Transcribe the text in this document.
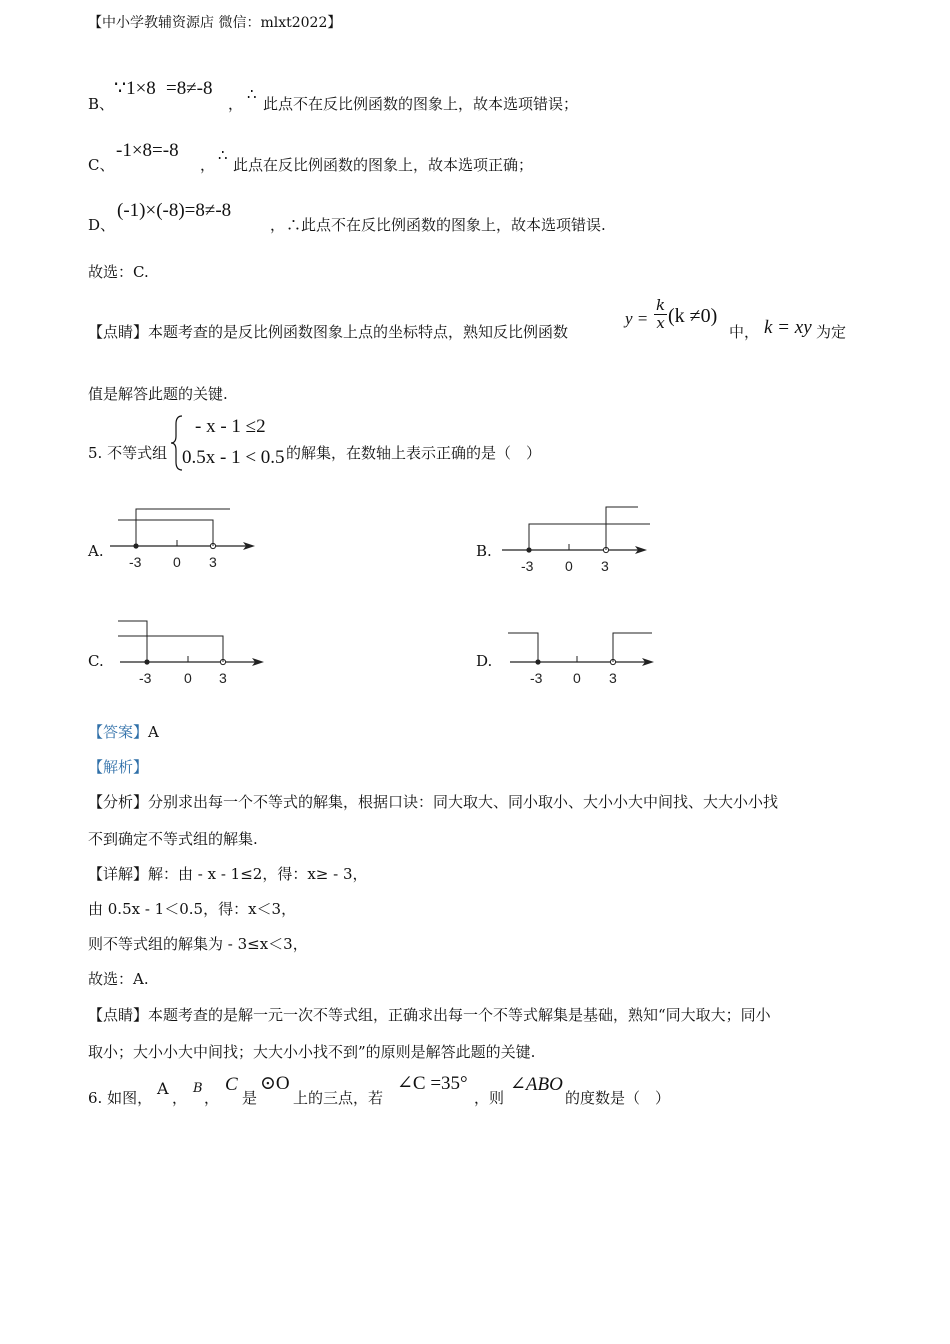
【中小学教辅资源店 微信：mlxt2022】
B、
∵1×8 =8≠-8
，
∴
此点不在反比例函数的图象上，故本选项错误；
C、
-1×8=-8
，
∴
此点在反比例函数的图象上，故本选项正确；
D、
(-1)×(-8)=8≠-8
， ∴此点不在反比例函数的图象上，故本选项错误.
故选：C.
【点睛】本题考查的是反比例函数图象上点的坐标特点，熟知反比例函数
$y = \frac{k}{x} (k \ne 0)$
中， k = xy 为定
值是解答此题的关键.
5. 不等式组
- x - 1 ≤2
0.5x - 1 < 0.5 的解集，在数轴上表示正确的是（　）
A.
-3 0 3
B.
-3 0 3
C.
-3 0 3
D.
-3 0 3
【答案】A
【解析】
【分析】分别求出每一个不等式的解集，根据口诀：同大取大、同小取小、大小小大中间找、大大小小找
不到确定不等式组的解集.
【详解】解：由 - x - 1≤2，得：x≥ - 3，
由 0.5x - 1＜0.5，得：x＜3，
则不等式组的解集为 - 3≤x＜3，
故选：A.
【点睛】本题考查的是解一元一次不等式组，正确求出每一个不等式解集是基础，熟知“同大取大；同小
取小；大小小大中间找；大大小小找不到”的原则是解答此题的关键.
6. 如图， A ，
B
，
C
是
⊙O
上的三点，若
∠C =35°
，则
∠ABO
的度数是（　）
